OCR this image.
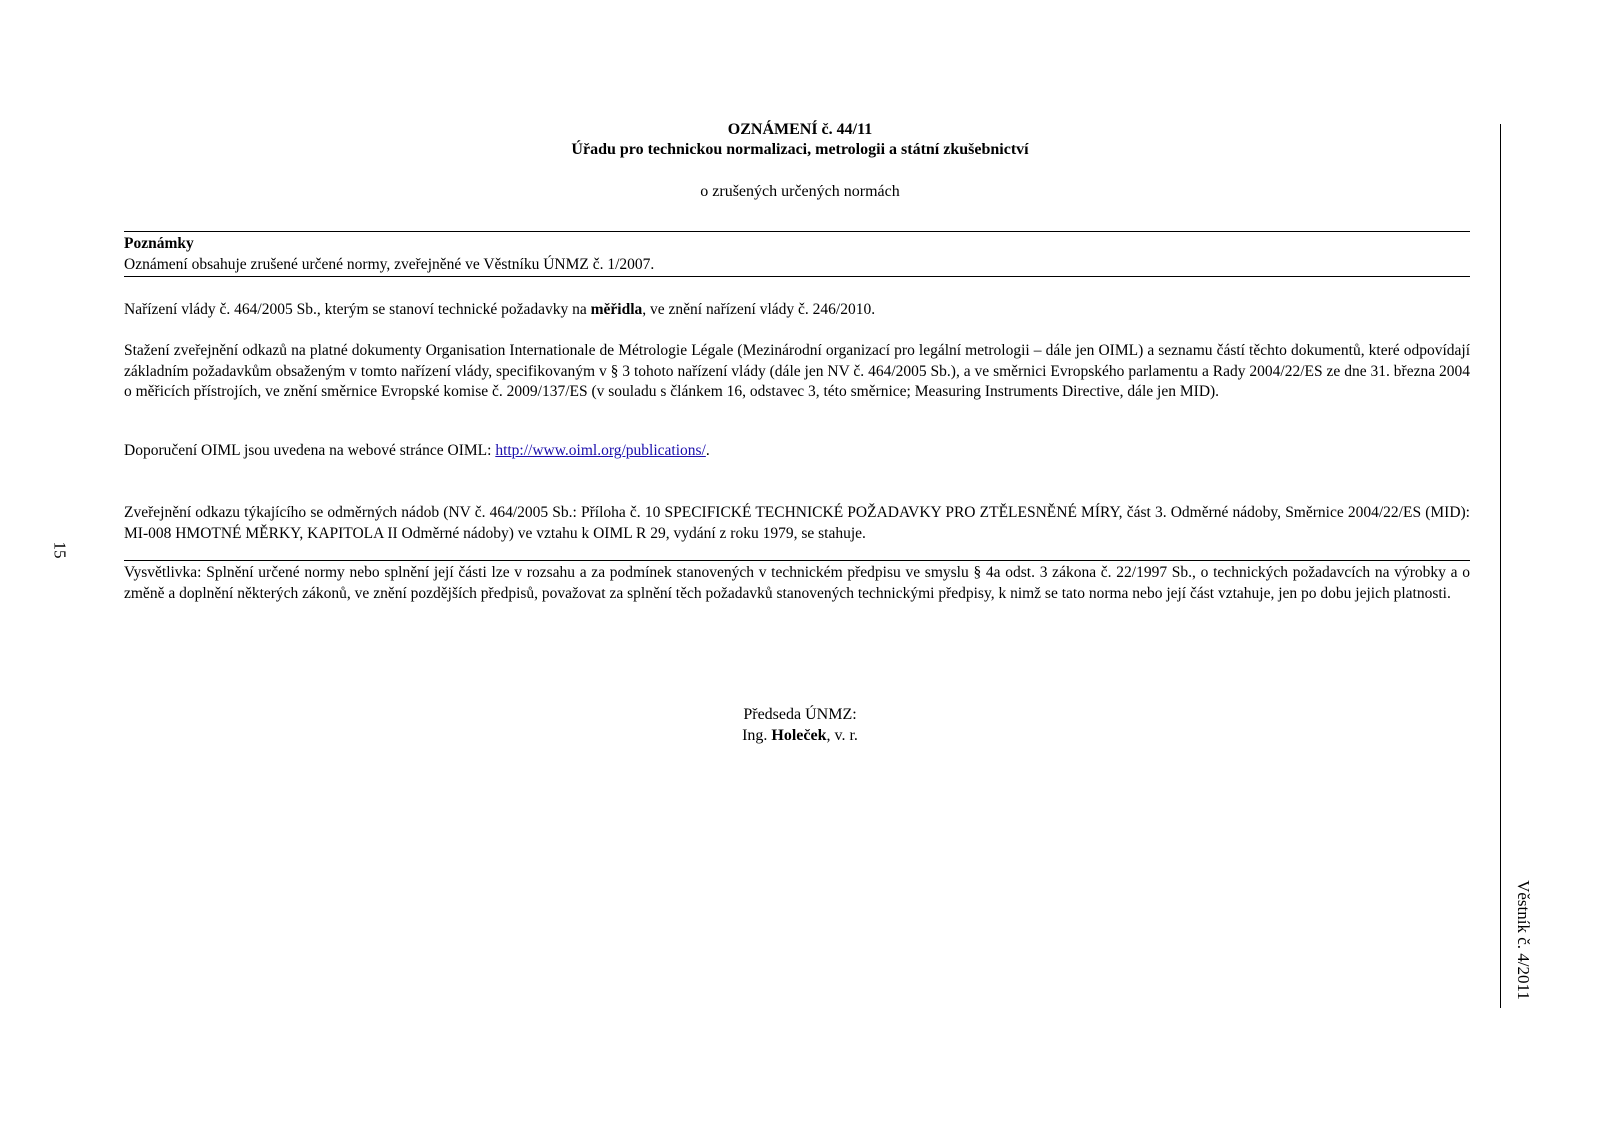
OZNÁMENÍ č. 44/11
Úřadu pro technickou normalizaci, metrologii a státní zkušebnictví
o zrušených určených normách
Poznámky
Oznámení obsahuje zrušené určené normy, zveřejněné ve Věstníku ÚNMZ č. 1/2007.
Nařízení vlády č. 464/2005 Sb., kterým se stanoví technické požadavky na měřidla, ve znění nařízení vlády č. 246/2010.
Stažení zveřejnění odkazů na platné dokumenty Organisation Internationale de Métrologie Légale (Mezinárodní organizací pro legální metrologii – dále jen OIML) a seznamu částí těchto dokumentů, které odpovídají základním požadavkům obsaženým v tomto nařízení vlády, specifikovaným v § 3 tohoto nařízení vlády (dále jen NV č. 464/2005 Sb.), a ve směrnici Evropského parlamentu a Rady 2004/22/ES ze dne 31. března 2004 o měřicích přístrojích, ve znění směrnice Evropské komise č. 2009/137/ES (v souladu s článkem 16, odstavec 3, této směrnice; Measuring Instruments Directive, dále jen MID).
Doporučení OIML jsou uvedena na webové stránce OIML: http://www.oiml.org/publications/.
Zveřejnění odkazu týkajícího se odměrných nádob (NV č. 464/2005 Sb.: Příloha č. 10 SPECIFICKÉ TECHNICKÉ POŽADAVKY PRO ZTĚLESNĚNÉ MÍRY, část 3. Odměrné nádoby, Směrnice 2004/22/ES (MID): MI-008 HMOTNÉ MĚRKY, KAPITOLA II Odměrné nádoby) ve vztahu k OIML R 29, vydání z roku 1979, se stahuje.
Vysvětlivka: Splnění určené normy nebo splnění její části lze v rozsahu a za podmínek stanovených v technickém předpisu ve smyslu § 4a odst. 3 zákona č. 22/1997 Sb., o technických požadavcích na výrobky a o změně a doplnění některých zákonů, ve znění pozdějších předpisů, považovat za splnění těch požadavků stanovených technickými předpisy, k nimž se tato norma nebo její část vztahuje, jen po dobu jejich platnosti.
Předseda ÚNMZ:
Ing. Holeček, v. r.
15
Věstník č. 4/2011
